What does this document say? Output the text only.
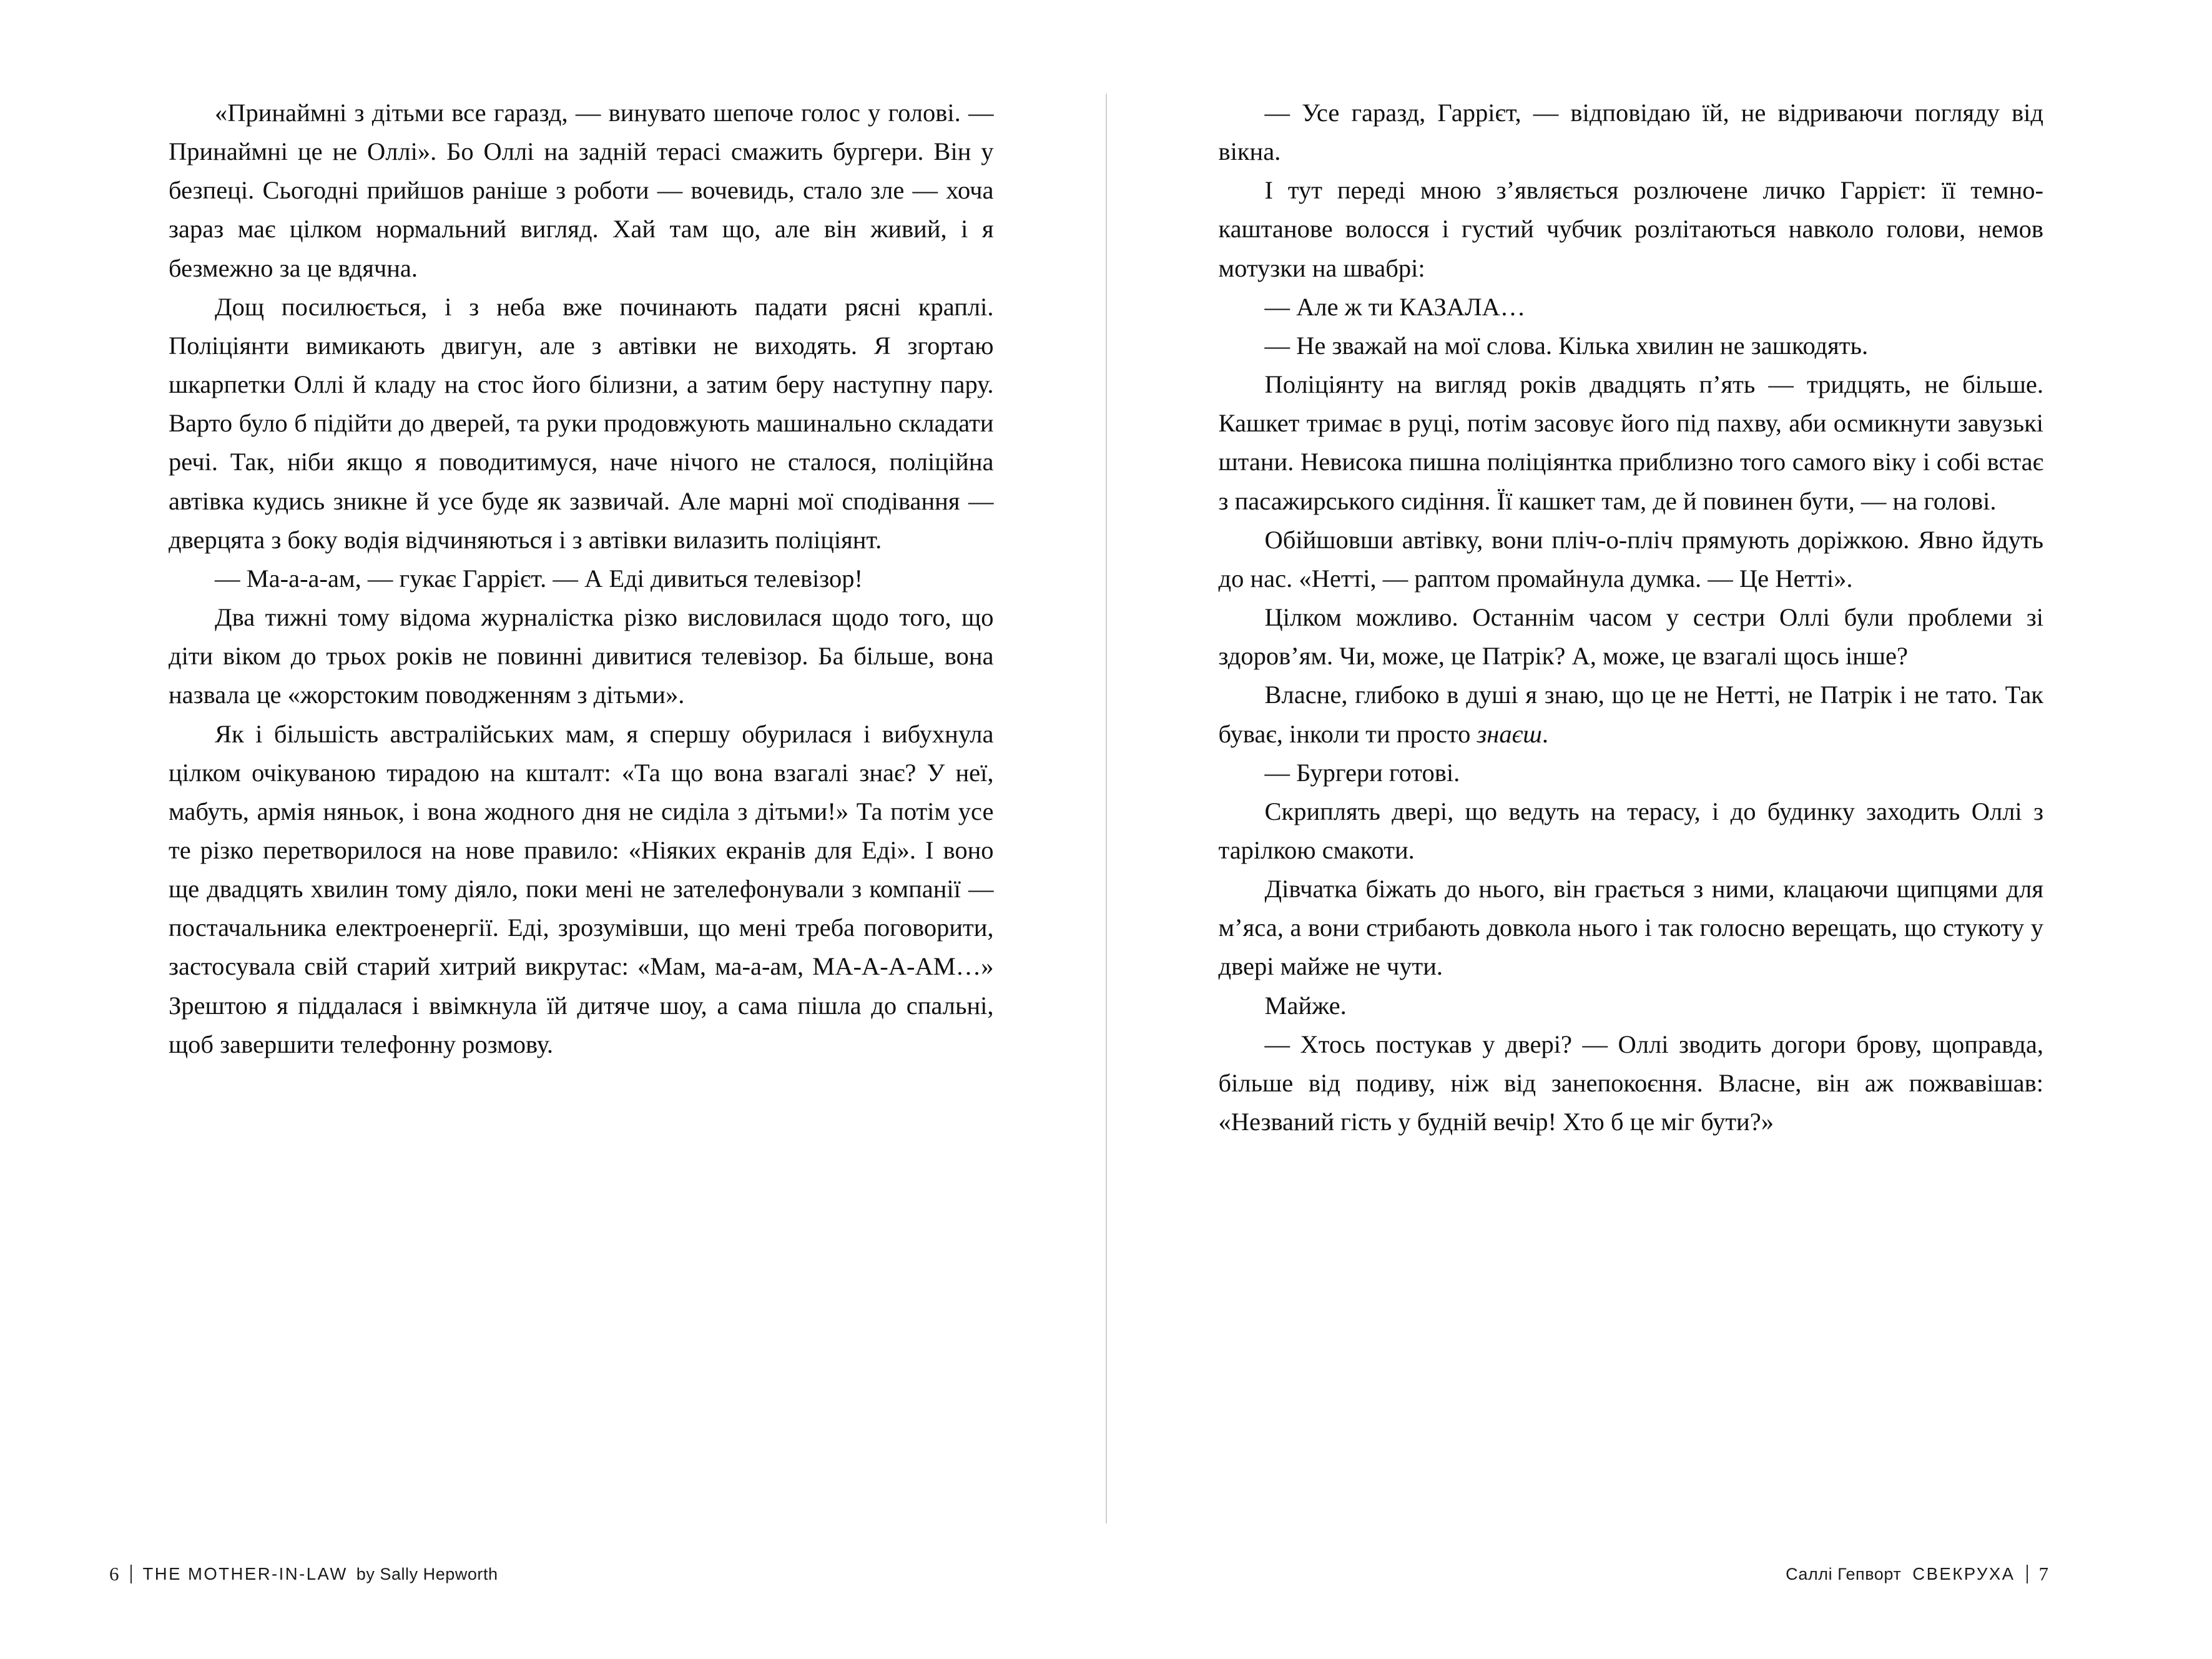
«Принаймні з дітьми все гаразд, — винувато шепоче голос у голові. — Принаймні це не Оллі». Бо Оллі на задній терасі смажить бургери. Він у безпеці. Сьогодні прийшов раніше з роботи — вочевидь, стало зле — хоча зараз має цілком нормальний вигляд. Хай там що, але він живий, і я безмежно за це вдячна.

Дощ посилюється, і з неба вже починають падати рясні краплі. Поліціянти вимикають двигун, але з автівки не виходять. Я згортаю шкарпетки Оллі й кладу на стос його білизни, а затим беру наступну пару. Варто було б підійти до дверей, та руки продовжують машинально складати речі. Так, ніби якщо я поводитимуся, наче нічого не сталося, поліційна автівка кудись зникне й усе буде як зазвичай. Але марні мої сподівання — дверцята з боку водія відчиняються і з автівки вилазить поліціянт.

— Ма-а-а-ам, — гукає Гаррієт. — А Еді дивиться телевізор!

Два тижні тому відома журналістка різко висловилася щодо того, що діти віком до трьох років не повинні дивитися телевізор. Ба більше, вона назвала це «жорстоким поводженням з дітьми».

Як і більшість австралійських мам, я спершу обурилася і вибухнула цілком очікуваною тирадою на кшталт: «Та що вона взагалі знає? У неї, мабуть, армія няньок, і вона жодного дня не сиділа з дітьми!» Та потім усе те різко перетворилося на нове правило: «Ніяких екранів для Еді». І воно ще двадцять хвилин тому діяло, поки мені не зателефонували з компанії — постачальника електроенергії. Еді, зрозумівши, що мені треба поговорити, застосувала свій старий хитрий викрутас: «Мам, ма-а-ам, МА-А-А-АМ…» Зрештою я піддалася і ввімкнула їй дитяче шоу, а сама пішла до спальні, щоб завершити телефонну розмову.

6 THE MOTHER-IN-LAW by Sally Hepworth

— Усе гаразд, Гаррієт, — відповідаю їй, не відриваючи погляду від вікна.

І тут переді мною з’являється розлючене личко Гаррієт: її темно-каштанове волосся і густий чубчик розлітаються навколо голови, немов мотузки на швабрі:

— Але ж ти КАЗАЛА…

— Не зважай на мої слова. Кілька хвилин не зашкодять.

Поліціянту на вигляд років двадцять п’ять — тридцять, не більше. Кашкет тримає в руці, потім засовує його під пахву, аби осмикнути завузькі штани. Невисока пишна поліціянтка приблизно того самого віку і собі встає з пасажирського сидіння. Її кашкет там, де й повинен бути, — на голові.

Обійшовши автівку, вони пліч-о-пліч прямують доріжкою. Явно йдуть до нас. «Нетті, — раптом промайнула думка. — Це Нетті».

Цілком можливо. Останнім часом у сестри Оллі були проблеми зі здоров’ям. Чи, може, це Патрік? А, може, це взагалі щось інше?

Власне, глибоко в душі я знаю, що це не Нетті, не Патрік і не тато. Так буває, інколи ти просто знаєш.

— Бургери готові.

Скриплять двері, що ведуть на терасу, і до будинку заходить Оллі з тарілкою смакоти.

Дівчатка біжать до нього, він грається з ними, клацаючи щипцями для м’яса, а вони стрибають довкола нього і так голосно верещать, що стукоту у двері майже не чути.

Майже.

— Хтось постукав у двері? — Оллі зводить догори брову, щоправда, більше від подиву, ніж від занепокоєння. Власне, він аж пожвавішав: «Незваний гість у будній вечір! Хто б це міг бути?»

Саллі Гепворт СВЕКРУХА 7
